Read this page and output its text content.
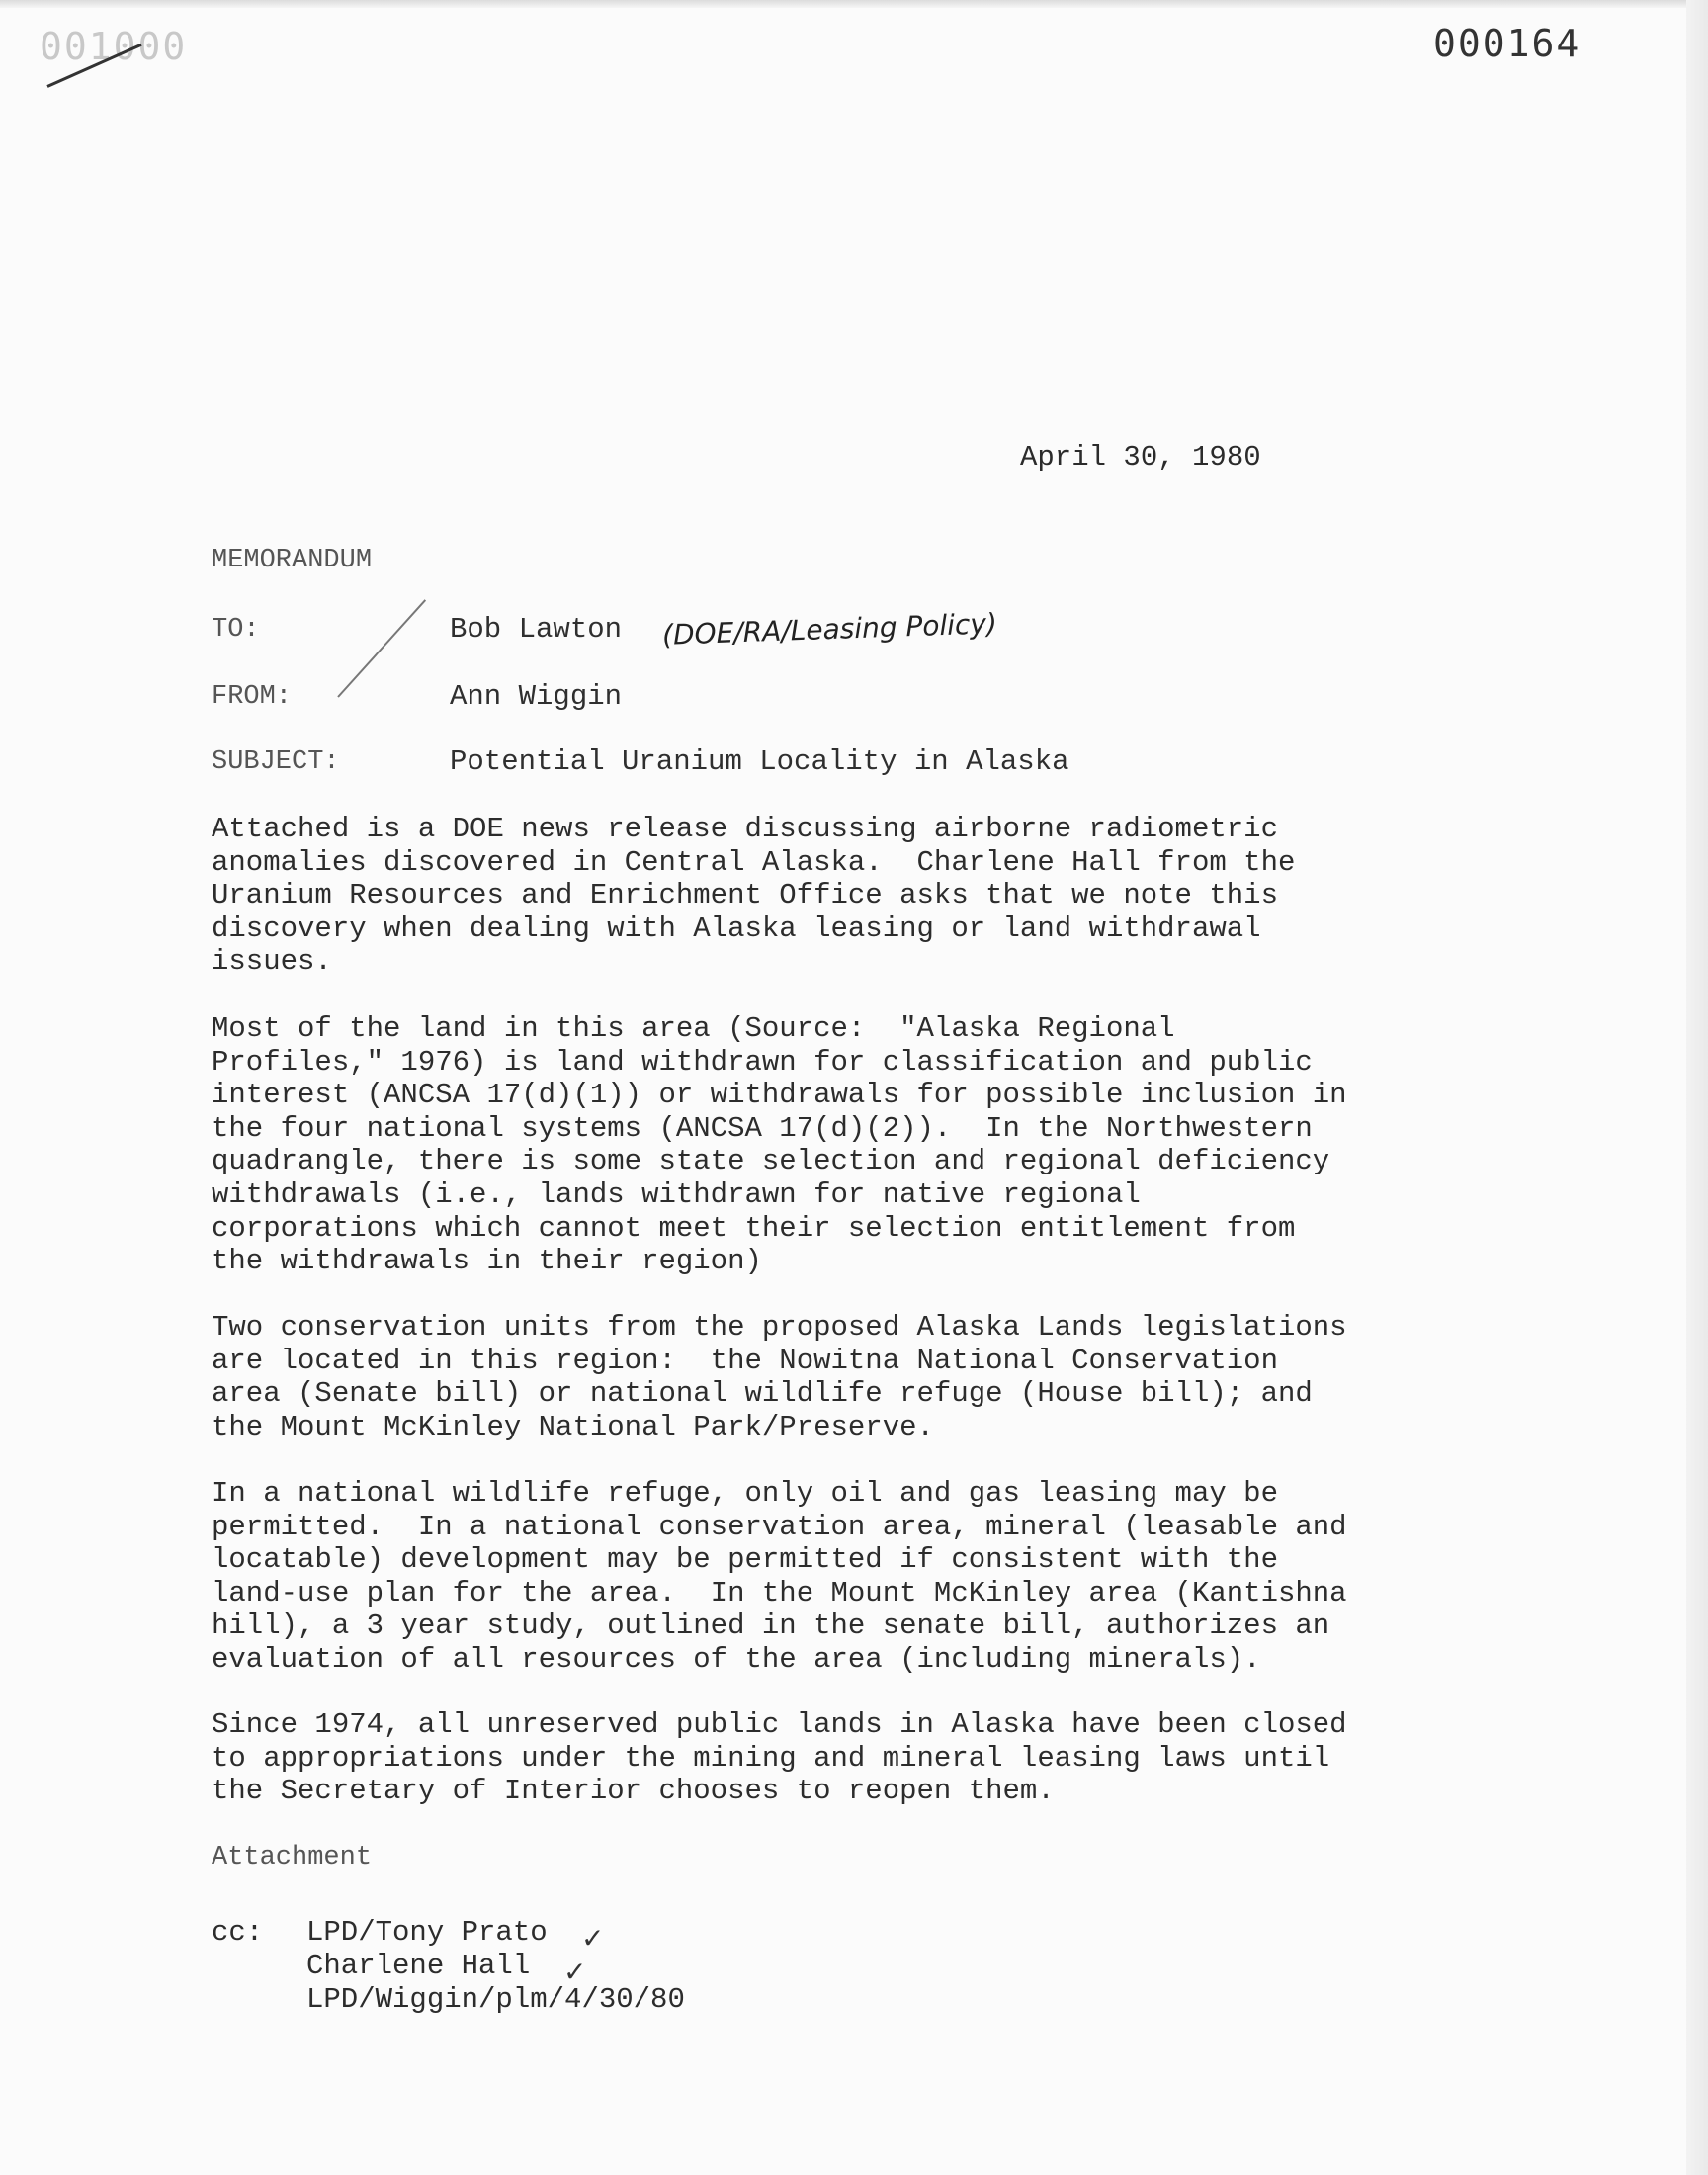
001000	000164
April 30, 1980
MEMORANDUM
TO:	Bob Lawton (DOE/RA/Leasing Policy)
FROM:	Ann Wiggin
SUBJECT:	Potential Uranium Locality in Alaska

Attached is a DOE news release discussing airborne radiometric
anomalies discovered in Central Alaska.  Charlene Hall from the
Uranium Resources and Enrichment Office asks that we note this
discovery when dealing with Alaska leasing or land withdrawal
issues.

Most of the land in this area (Source:  "Alaska Regional
Profiles," 1976) is land withdrawn for classification and public
interest (ANCSA 17(d)(1)) or withdrawals for possible inclusion in
the four national systems (ANCSA 17(d)(2)).  In the Northwestern
quadrangle, there is some state selection and regional deficiency
withdrawals (i.e., lands withdrawn for native regional
corporations which cannot meet their selection entitlement from
the withdrawals in their region)

Two conservation units from the proposed Alaska Lands legislations
are located in this region:  the Nowitna National Conservation
area (Senate bill) or national wildlife refuge (House bill); and
the Mount McKinley National Park/Preserve.

In a national wildlife refuge, only oil and gas leasing may be
permitted.  In a national conservation area, mineral (leasable and
locatable) development may be permitted if consistent with the
land-use plan for the area.  In the Mount McKinley area (Kantishna
hill), a 3 year study, outlined in the senate bill, authorizes an
evaluation of all resources of the area (including minerals).

Since 1974, all unreserved public lands in Alaska have been closed
to appropriations under the mining and mineral leasing laws until
the Secretary of Interior chooses to reopen them.

Attachment
cc: LPD/Tony Prato
Charlene Hall
LPD/Wiggin/plm/4/30/80
✓
✓
